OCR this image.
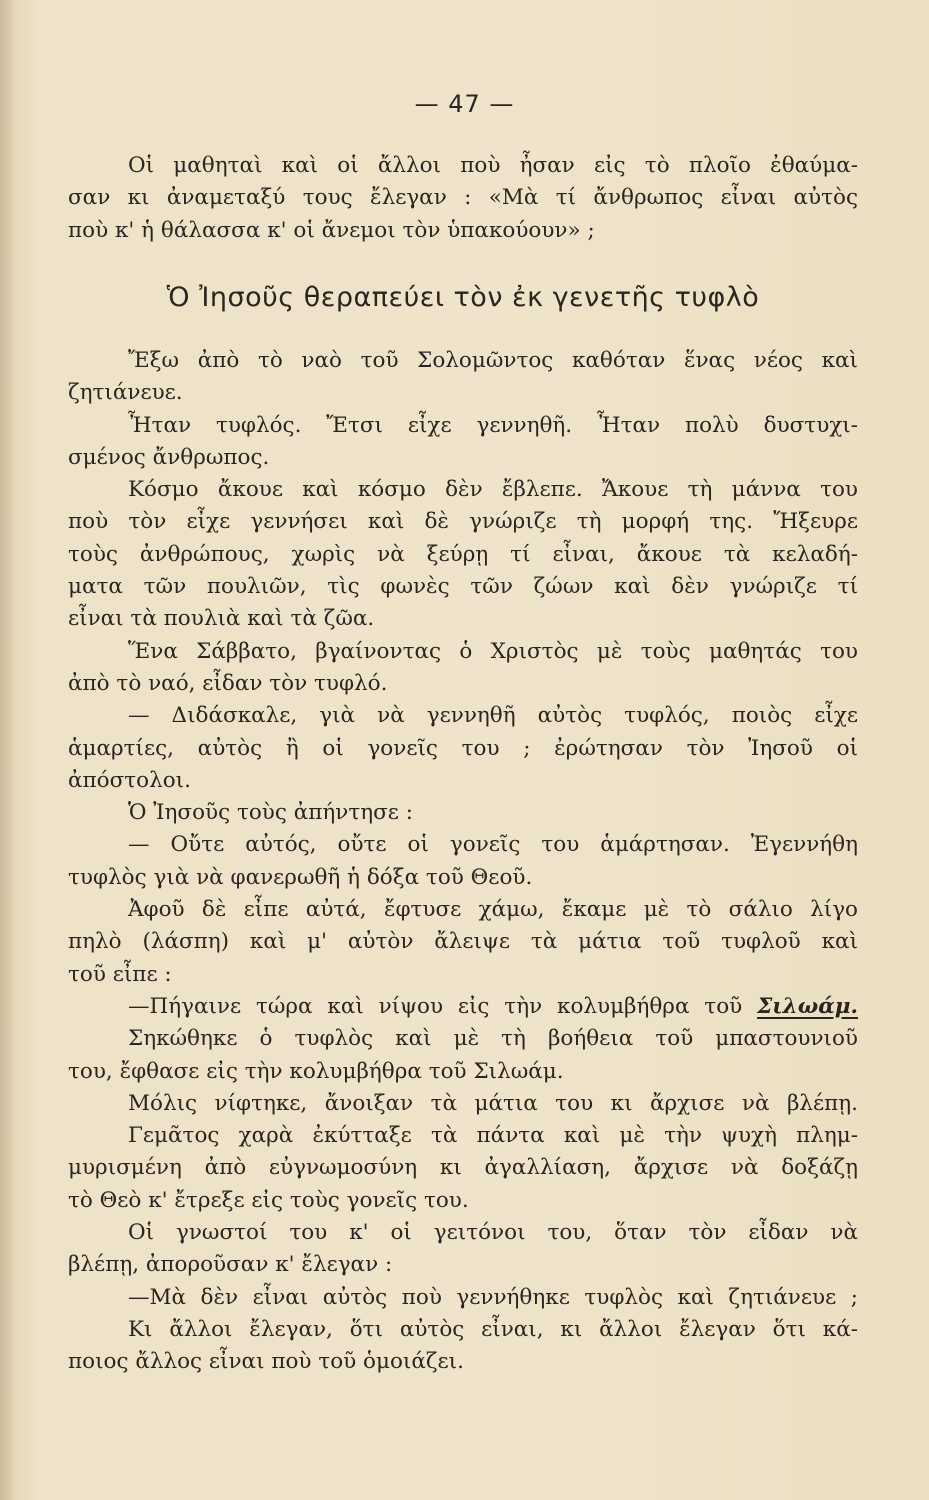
— 47 —
Οἱ μαθηταὶ καὶ οἱ ἄλλοι ποὺ ἦσαν εἰς τὸ πλοῖο ἐθαύμα-
σαν κι ἀναμεταξύ τους ἔλεγαν : «Μὰ τί ἄνθρωπος εἶναι αὐτὸς
ποὺ κ' ἡ θάλασσα κ' οἱ ἄνεμοι τὸν ὑπακούουν» ;
Ὁ Ἰησοῦς θεραπεύει τὸν ἐκ γενετῆς τυφλὸ
Ἔξω ἀπὸ τὸ ναὸ τοῦ Σολομῶντος καθόταν ἕνας νέος καὶ
ζητιάνευε.
Ἦταν τυφλός. Ἔτσι εἶχε γεννηθῆ. Ἦταν πολὺ δυστυχι-
σμένος ἄνθρωπος.
Κόσμο ἄκουε καὶ κόσμο δὲν ἔβλεπε. Ἄκουε τὴ μάννα του
ποὺ τὸν εἶχε γεννήσει καὶ δὲ γνώριζε τὴ μορφή της. Ἤξευρε
τοὺς ἀνθρώπους, χωρὶς νὰ ξεύρῃ τί εἶναι, ἄκουε τὰ κελαδή-
ματα τῶν πουλιῶν, τὶς φωνὲς τῶν ζώων καὶ δὲν γνώριζε τί
εἶναι τὰ πουλιὰ καὶ τὰ ζῶα.
Ἕνα Σάββατο, βγαίνοντας ὁ Χριστὸς μὲ τοὺς μαθητάς του
ἀπὸ τὸ ναό, εἶδαν τὸν τυφλό.
— Διδάσκαλε, γιὰ νὰ γεννηθῆ αὐτὸς τυφλός, ποιὸς εἶχε
ἁμαρτίες, αὐτὸς ἢ οἱ γονεῖς του ; ἐρώτησαν τὸν Ἰησοῦ οἱ
ἀπόστολοι.
Ὁ Ἰησοῦς τοὺς ἀπήντησε :
— Οὔτε αὐτός, οὔτε οἱ γονεῖς του ἁμάρτησαν. Ἐγεννήθη
τυφλὸς γιὰ νὰ φανερωθῆ ἡ δόξα τοῦ Θεοῦ.
Ἀφοῦ δὲ εἶπε αὐτά, ἔφτυσε χάμω, ἔκαμε μὲ τὸ σάλιο λίγο
πηλὸ (λάσπη) καὶ μ' αὐτὸν ἄλειψε τὰ μάτια τοῦ τυφλοῦ καὶ
τοῦ εἶπε :
—Πήγαινε τώρα καὶ νίψου εἰς τὴν κολυμβήθρα τοῦ Σιλωάμ.
Σηκώθηκε ὁ τυφλὸς καὶ μὲ τὴ βοήθεια τοῦ μπαστουνιοῦ
του, ἔφθασε εἰς τὴν κολυμβήθρα τοῦ Σιλωάμ.
Μόλις νίφτηκε, ἄνοιξαν τὰ μάτια του κι ἄρχισε νὰ βλέπῃ.
Γεμᾶτος χαρὰ ἐκύτταξε τὰ πάντα καὶ μὲ τὴν ψυχὴ πλημ-
μυρισμένη ἀπὸ εὐγνωμοσύνη κι ἀγαλλίαση, ἄρχισε νὰ δοξάζῃ
τὸ Θεὸ κ' ἔτρεξε εἰς τοὺς γονεῖς του.
Οἱ γνωστοί του κ' οἱ γειτόνοι του, ὅταν τὸν εἶδαν νὰ
βλέπῃ, ἀποροῦσαν κ' ἔλεγαν :
—Μὰ δὲν εἶναι αὐτὸς ποὺ γεννήθηκε τυφλὸς καὶ ζητιάνευε ;
Κι ἄλλοι ἔλεγαν, ὅτι αὐτὸς εἶναι, κι ἄλλοι ἔλεγαν ὅτι κά-
ποιος ἄλλος εἶναι ποὺ τοῦ ὁμοιάζει.
